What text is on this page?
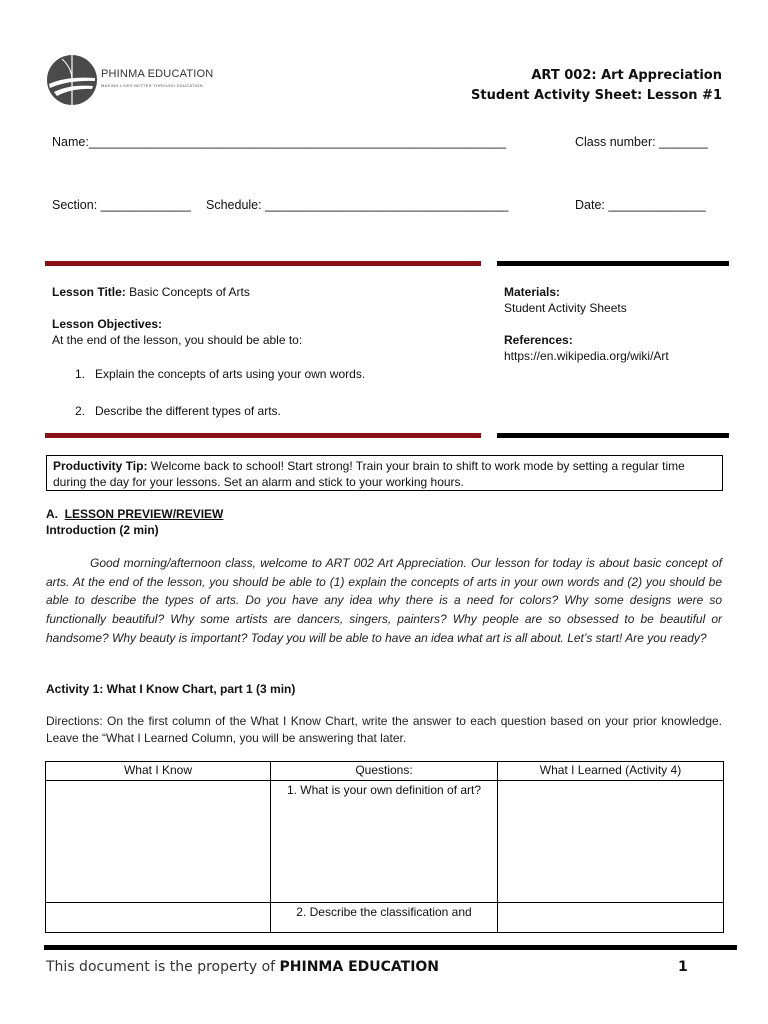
PHINMA EDUCATION
MAKING LIVES BETTER THROUGH EDUCATION
ART 002: Art Appreciation
Student Activity Sheet: Lesson #1
Name:____________________________________________________________	Class number: _______
Section: _____________ Schedule: ___________________________________	Date: ______________
Lesson Title: Basic Concepts of Arts
Lesson Objectives:
At the end of the lesson, you should be able to:
1.   Explain the concepts of arts using your own words.
2.   Describe the different types of arts.
Materials:
Student Activity Sheets
References:
https://en.wikipedia.org/wiki/Art
Productivity Tip: Welcome back to school! Start strong! Train your brain to shift to work mode by setting a regular time during the day for your lessons. Set an alarm and stick to your working hours.
A.  LESSON PREVIEW/REVIEW
Introduction (2 min)
Good morning/afternoon class, welcome to ART 002 Art Appreciation. Our lesson for today is about basic concept of arts. At the end of the lesson, you should be able to (1) explain the concepts of arts in your own words and (2) you should be able to describe the types of arts. Do you have any idea why there is a need for colors? Why some designs were so functionally beautiful? Why some artists are dancers, singers, painters? Why people are so obsessed to be beautiful or handsome? Why beauty is important? Today you will be able to have an idea what art is all about. Let’s start! Are you ready?
Activity 1: What I Know Chart, part 1 (3 min)
Directions: On the first column of the What I Know Chart, write the answer to each question based on your prior knowledge. Leave the “What I Learned Column, you will be answering that later.
What I Know	Questions:	What I Learned (Activity 4)
	1. What is your own definition of art?	
	2. Describe the classification and	
This document is the property of PHINMA EDUCATION	1
